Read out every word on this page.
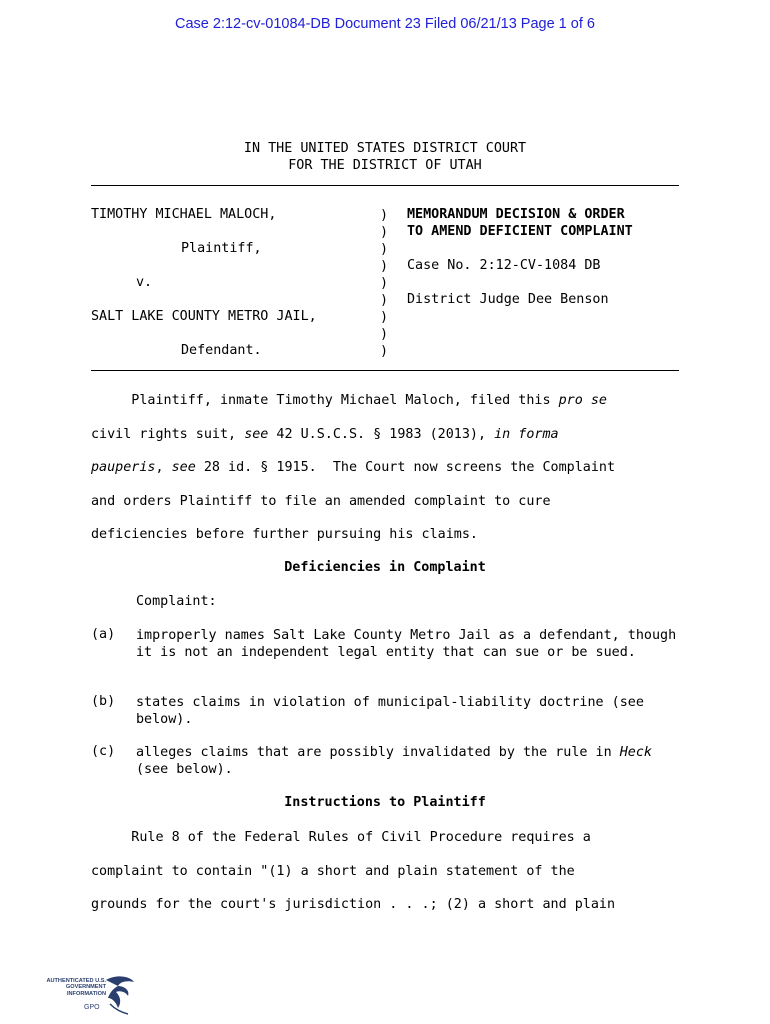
Case 2:12-cv-01084-DB Document 23 Filed 06/21/13 Page 1 of 6
IN THE UNITED STATES DISTRICT COURT
FOR THE DISTRICT OF UTAH
TIMOTHY MICHAEL MALOCH,
Plaintiff,
v.
SALT LAKE COUNTY METRO JAIL,
Defendant.
)
)
)
)
)
)
)
)
)
MEMORANDUM DECISION & ORDER
TO AMEND DEFICIENT COMPLAINT
Case No. 2:12-CV-1084 DB
District Judge Dee Benson
Plaintiff, inmate Timothy Michael Maloch, filed this pro se
civil rights suit, see 42 U.S.C.S. § 1983 (2013), in forma
pauperis, see 28 id. § 1915.  The Court now screens the Complaint
and orders Plaintiff to file an amended complaint to cure
deficiencies before further pursuing his claims.
Deficiencies in Complaint
Complaint:
(a) improperly names Salt Lake County Metro Jail as a defendant, though it is not an independent legal entity that can sue or be sued.
(b) states claims in violation of municipal-liability doctrine (see below).
(c) alleges claims that are possibly invalidated by the rule in Heck (see below).
Instructions to Plaintiff
Rule 8 of the Federal Rules of Civil Procedure requires a
complaint to contain "(1) a short and plain statement of the
grounds for the court's jurisdiction . . .; (2) a short and plain
AUTHENTICATED U.S. GOVERNMENT INFORMATION
GPO
